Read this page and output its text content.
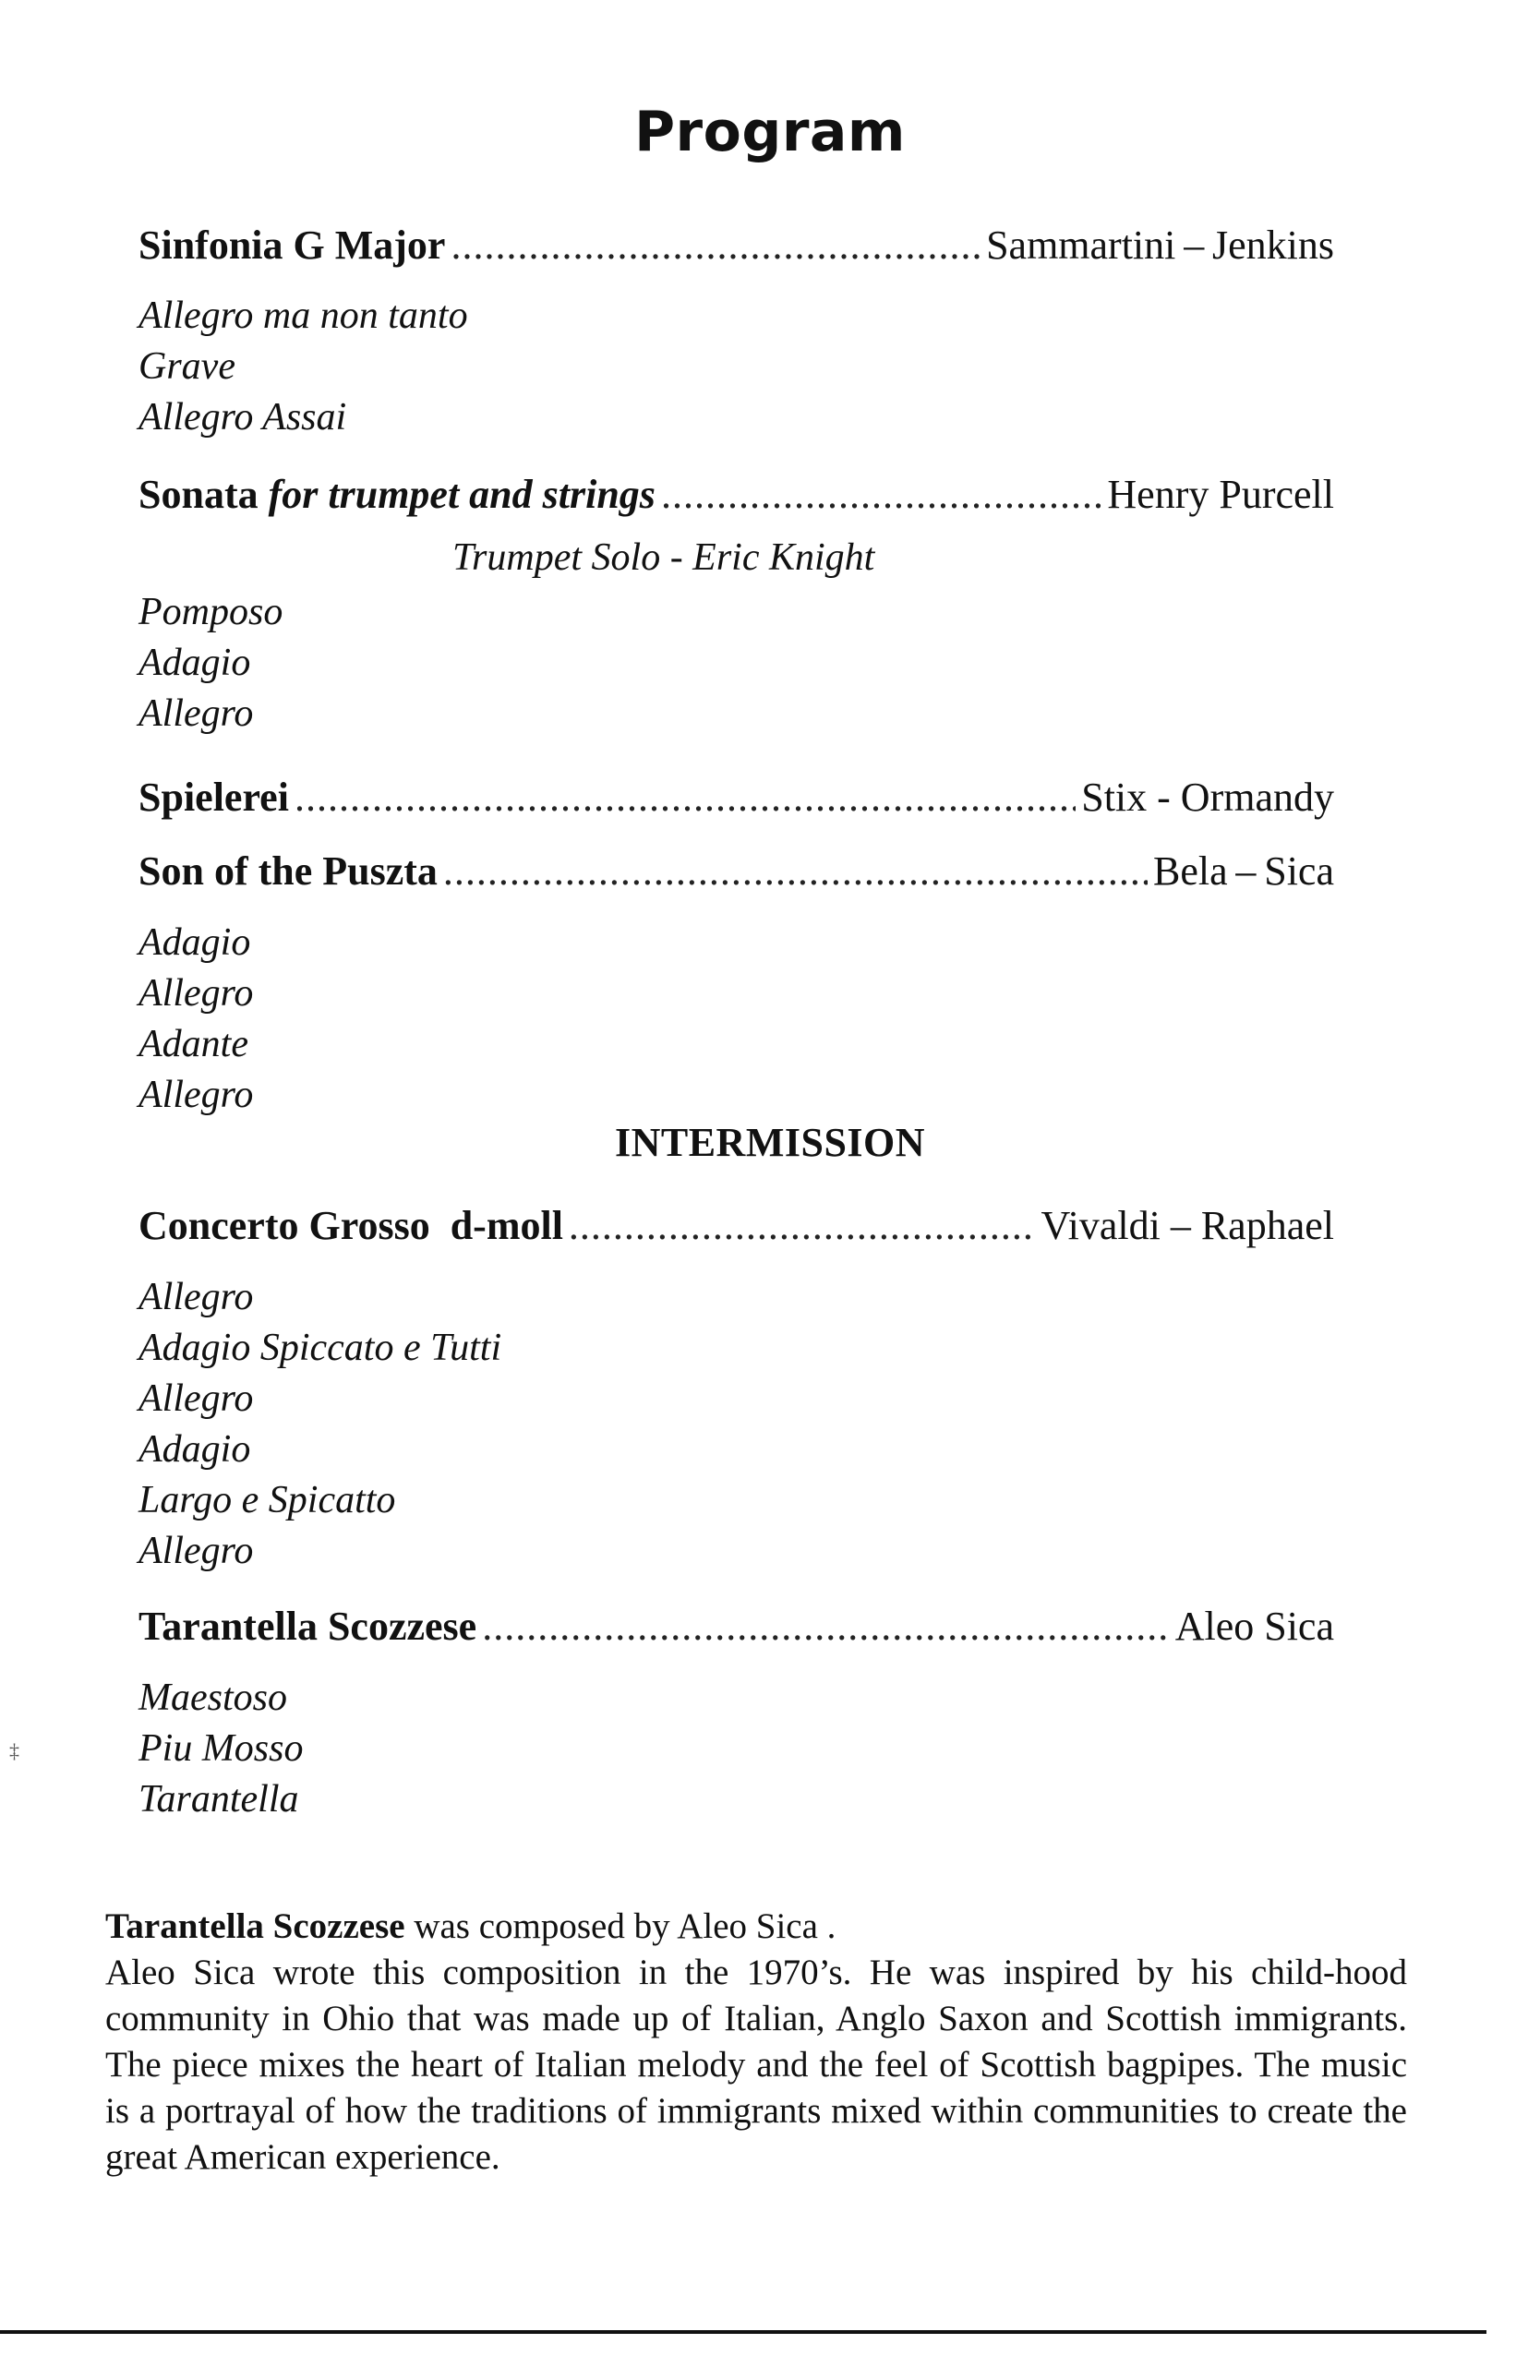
Program
Sinfonia G Major .....	Sammartini – Jenkins
Allegro ma non tanto
Grave
Allegro Assai
Sonata for trumpet and strings .....	Henry Purcell
Trumpet Solo - Eric Knight
Pomposo
Adagio
Allegro
Spielerei .....	Stix - Ormandy
Son of the Puszta .....	Bela – Sica
Adagio
Allegro
Adante
Allegro
INTERMISSION
Concerto Grosso  d-moll .....	Vivaldi – Raphael
Allegro
Adagio Spiccato e Tutti
Allegro
Adagio
Largo e Spicatto
Allegro
Tarantella Scozzese .....	Aleo Sica
Maestoso
Piu Mosso
Tarantella
‡

Tarantella Scozzese was composed by Aleo Sica .

Aleo Sica wrote this composition in the 1970’s. He was inspired by his child-hood community in Ohio that was made up of Italian, Anglo Saxon and Scottish immigrants. The piece mixes the heart of Italian melody and the feel of Scottish bagpipes. The music is a portrayal of how the traditions of immigrants mixed within communities to create the great American experience.
